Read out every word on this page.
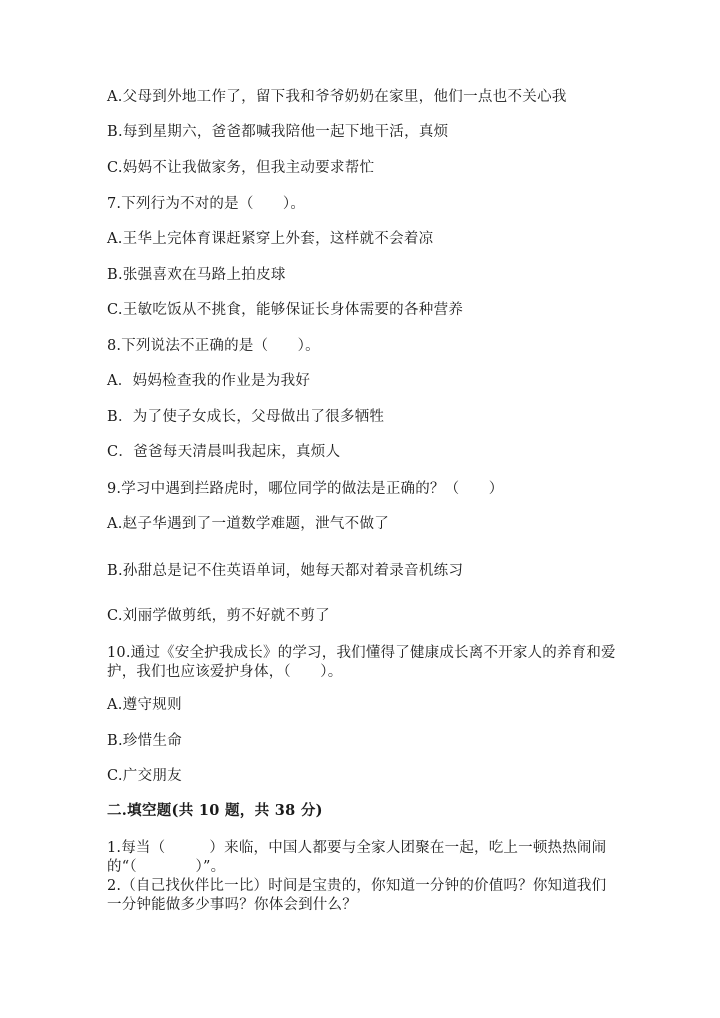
A.父母到外地工作了，留下我和爷爷奶奶在家里，他们一点也不关心我
B.每到星期六，爸爸都喊我陪他一起下地干活，真烦
C.妈妈不让我做家务，但我主动要求帮忙
7.下列行为不对的是（　　）。
A.王华上完体育课赶紧穿上外套，这样就不会着凉
B.张强喜欢在马路上拍皮球
C.王敏吃饭从不挑食，能够保证长身体需要的各种营养
8.下列说法不正确的是（　　）。
A．妈妈检查我的作业是为我好
B．为了使子女成长，父母做出了很多牺牲
C．爸爸每天清晨叫我起床，真烦人
9.学习中遇到拦路虎时，哪位同学的做法是正确的？（　　）
A.赵子华遇到了一道数学难题，泄气不做了
B.孙甜总是记不住英语单词，她每天都对着录音机练习
C.刘丽学做剪纸，剪不好就不剪了
10.通过《安全护我成长》的学习，我们懂得了健康成长离不开家人的养育和爱
护，我们也应该爱护身体，（　　）。
A.遵守规则
B.珍惜生命
C.广交朋友
二.填空题(共 10 题，共 38 分)
1.每当（　　　）来临，中国人都要与全家人团聚在一起，吃上一顿热热闹闹
的“（　　　　）”。
2.（自己找伙伴比一比）时间是宝贵的，你知道一分钟的价值吗？你知道我们
一分钟能做多少事吗？你体会到什么？
